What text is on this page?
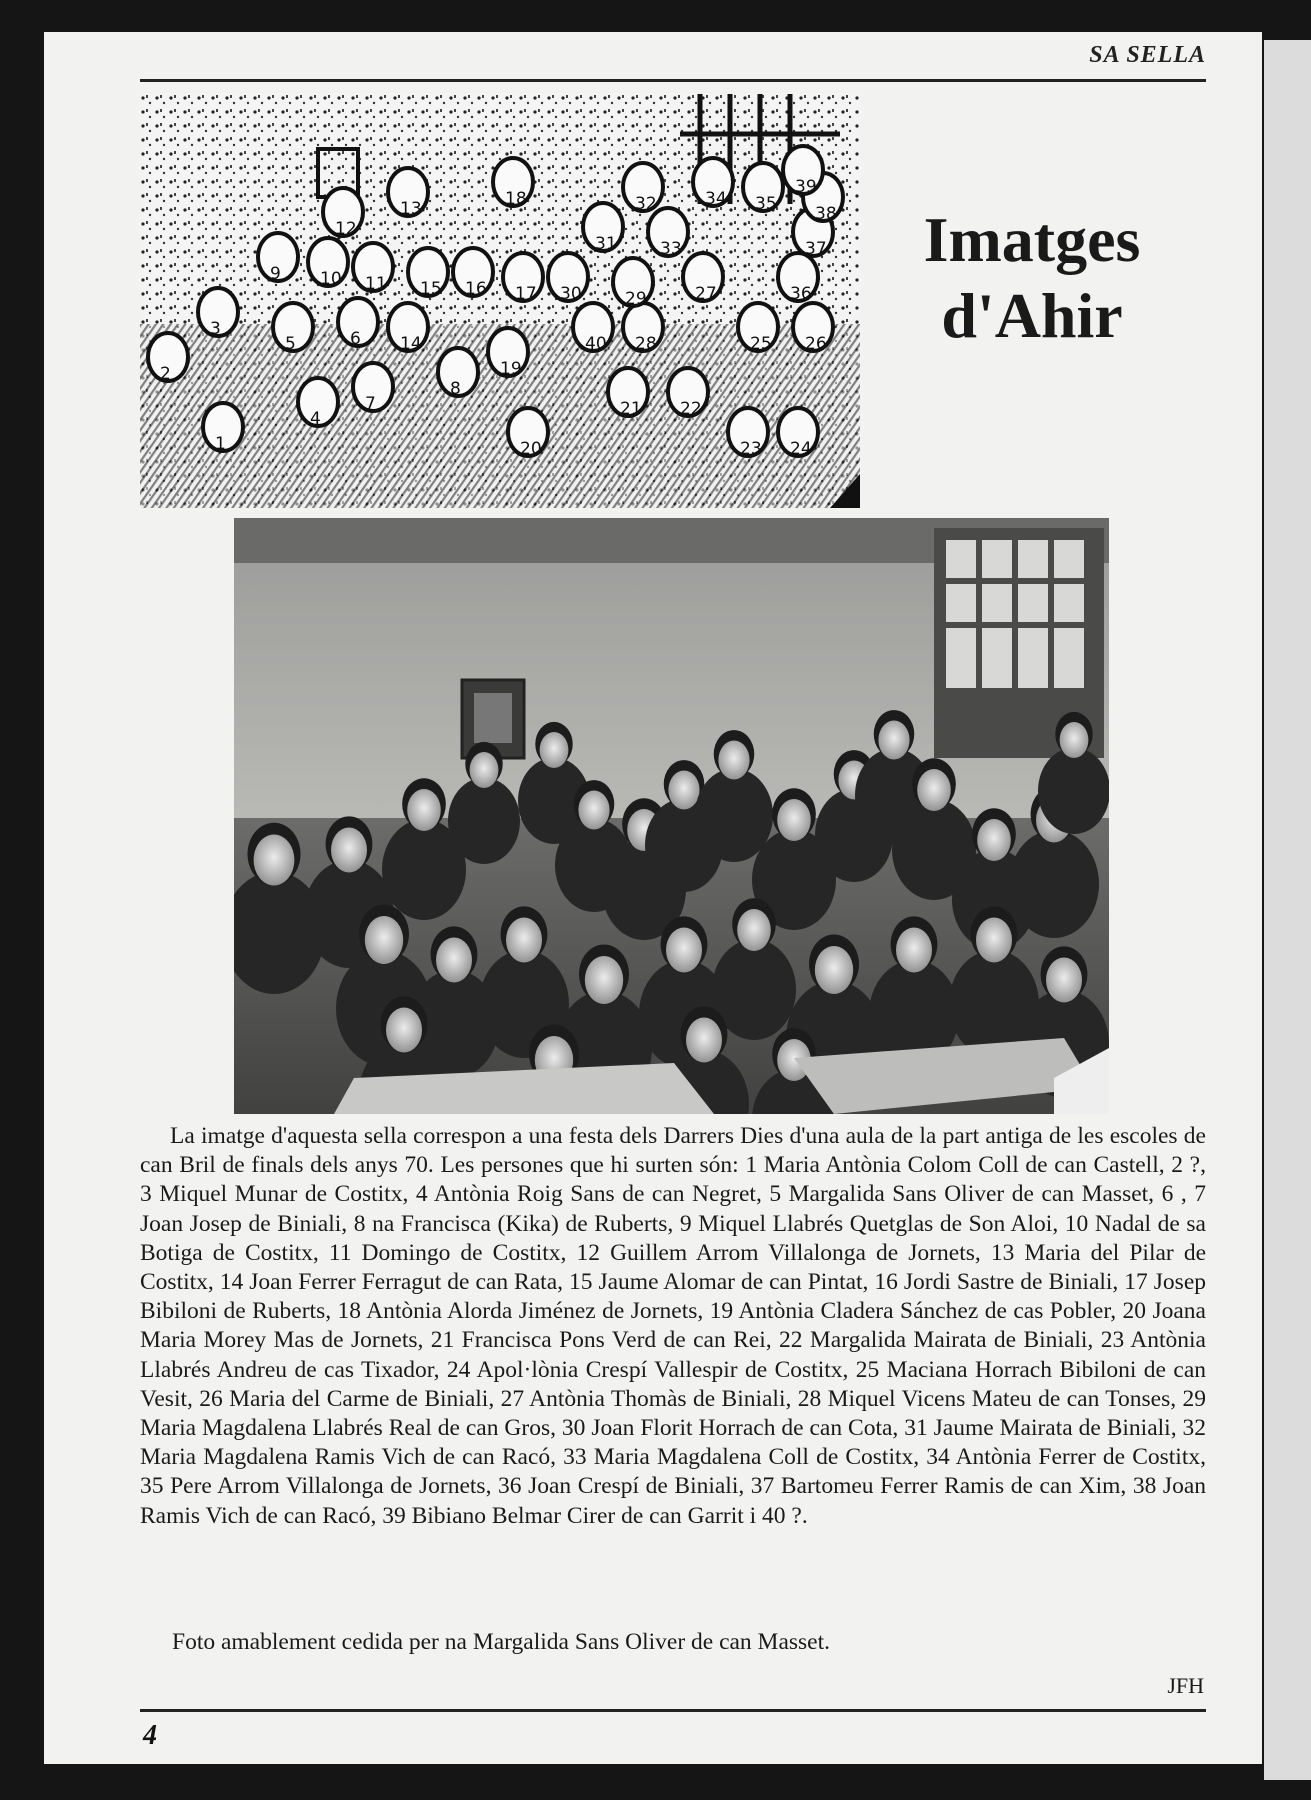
SA SELLA
1
2
3
4
5	6
7
8
9 10 11
12
13
14
15 16 17
18
19
20
21 22
23 24
25 26
27
28
29
30
31
32
33
34 35
36
37
38
39
40
Imatges
d'Ahir
La imatge d'aquesta sella correspon a una festa dels Darrers Dies d'una aula de la part antiga de les escoles de can Bril de finals dels anys 70. Les persones que hi surten són: 1 Maria Antònia Colom Coll de can Castell, 2 ?, 3 Miquel Munar de Costitx, 4 Antònia Roig Sans de can Negret, 5 Margalida Sans Oliver de can Masset, 6 , 7 Joan Josep de Biniali, 8 na Francisca (Kika) de Ruberts, 9 Miquel Llabrés Quetglas de Son Aloi, 10 Nadal de sa Botiga de Costitx, 11 Domingo de Costitx, 12 Guillem Arrom Villalonga de Jornets, 13 Maria del Pilar de Costitx, 14 Joan Ferrer Ferragut de can Rata, 15 Jaume Alomar de can Pintat, 16 Jordi Sastre de Biniali, 17 Josep Bibiloni de Ruberts, 18 Antònia Alorda Jiménez de Jornets, 19 Antònia Cladera Sánchez de cas Pobler, 20 Joana Maria Morey Mas de Jornets, 21 Francisca Pons Verd de can Rei, 22 Margalida Mairata de Biniali, 23 Antònia Llabrés Andreu de cas Tixador, 24 Apol·lònia Crespí Vallespir de Costitx, 25 Maciana Horrach Bibiloni de can Vesit, 26 Maria del Carme de Biniali, 27 Antònia Thomàs de Biniali, 28 Miquel Vicens Mateu de can Tonses, 29 Maria Magdalena Llabrés Real de can Gros, 30 Joan Florit Horrach de can Cota, 31 Jaume Mairata de Biniali, 32 Maria Magdalena Ramis Vich de can Racó, 33 Maria Magdalena Coll de Costitx, 34 Antònia Ferrer de Costitx, 35 Pere Arrom Villalonga de Jornets, 36 Joan Crespí de Biniali, 37 Bartomeu Ferrer Ramis de can Xim, 38 Joan Ramis Vich de can Racó, 39 Bibiano Belmar Cirer de can Garrit i 40 ?.
Foto amablement cedida per na Margalida Sans Oliver de can Masset.
JFH
4
